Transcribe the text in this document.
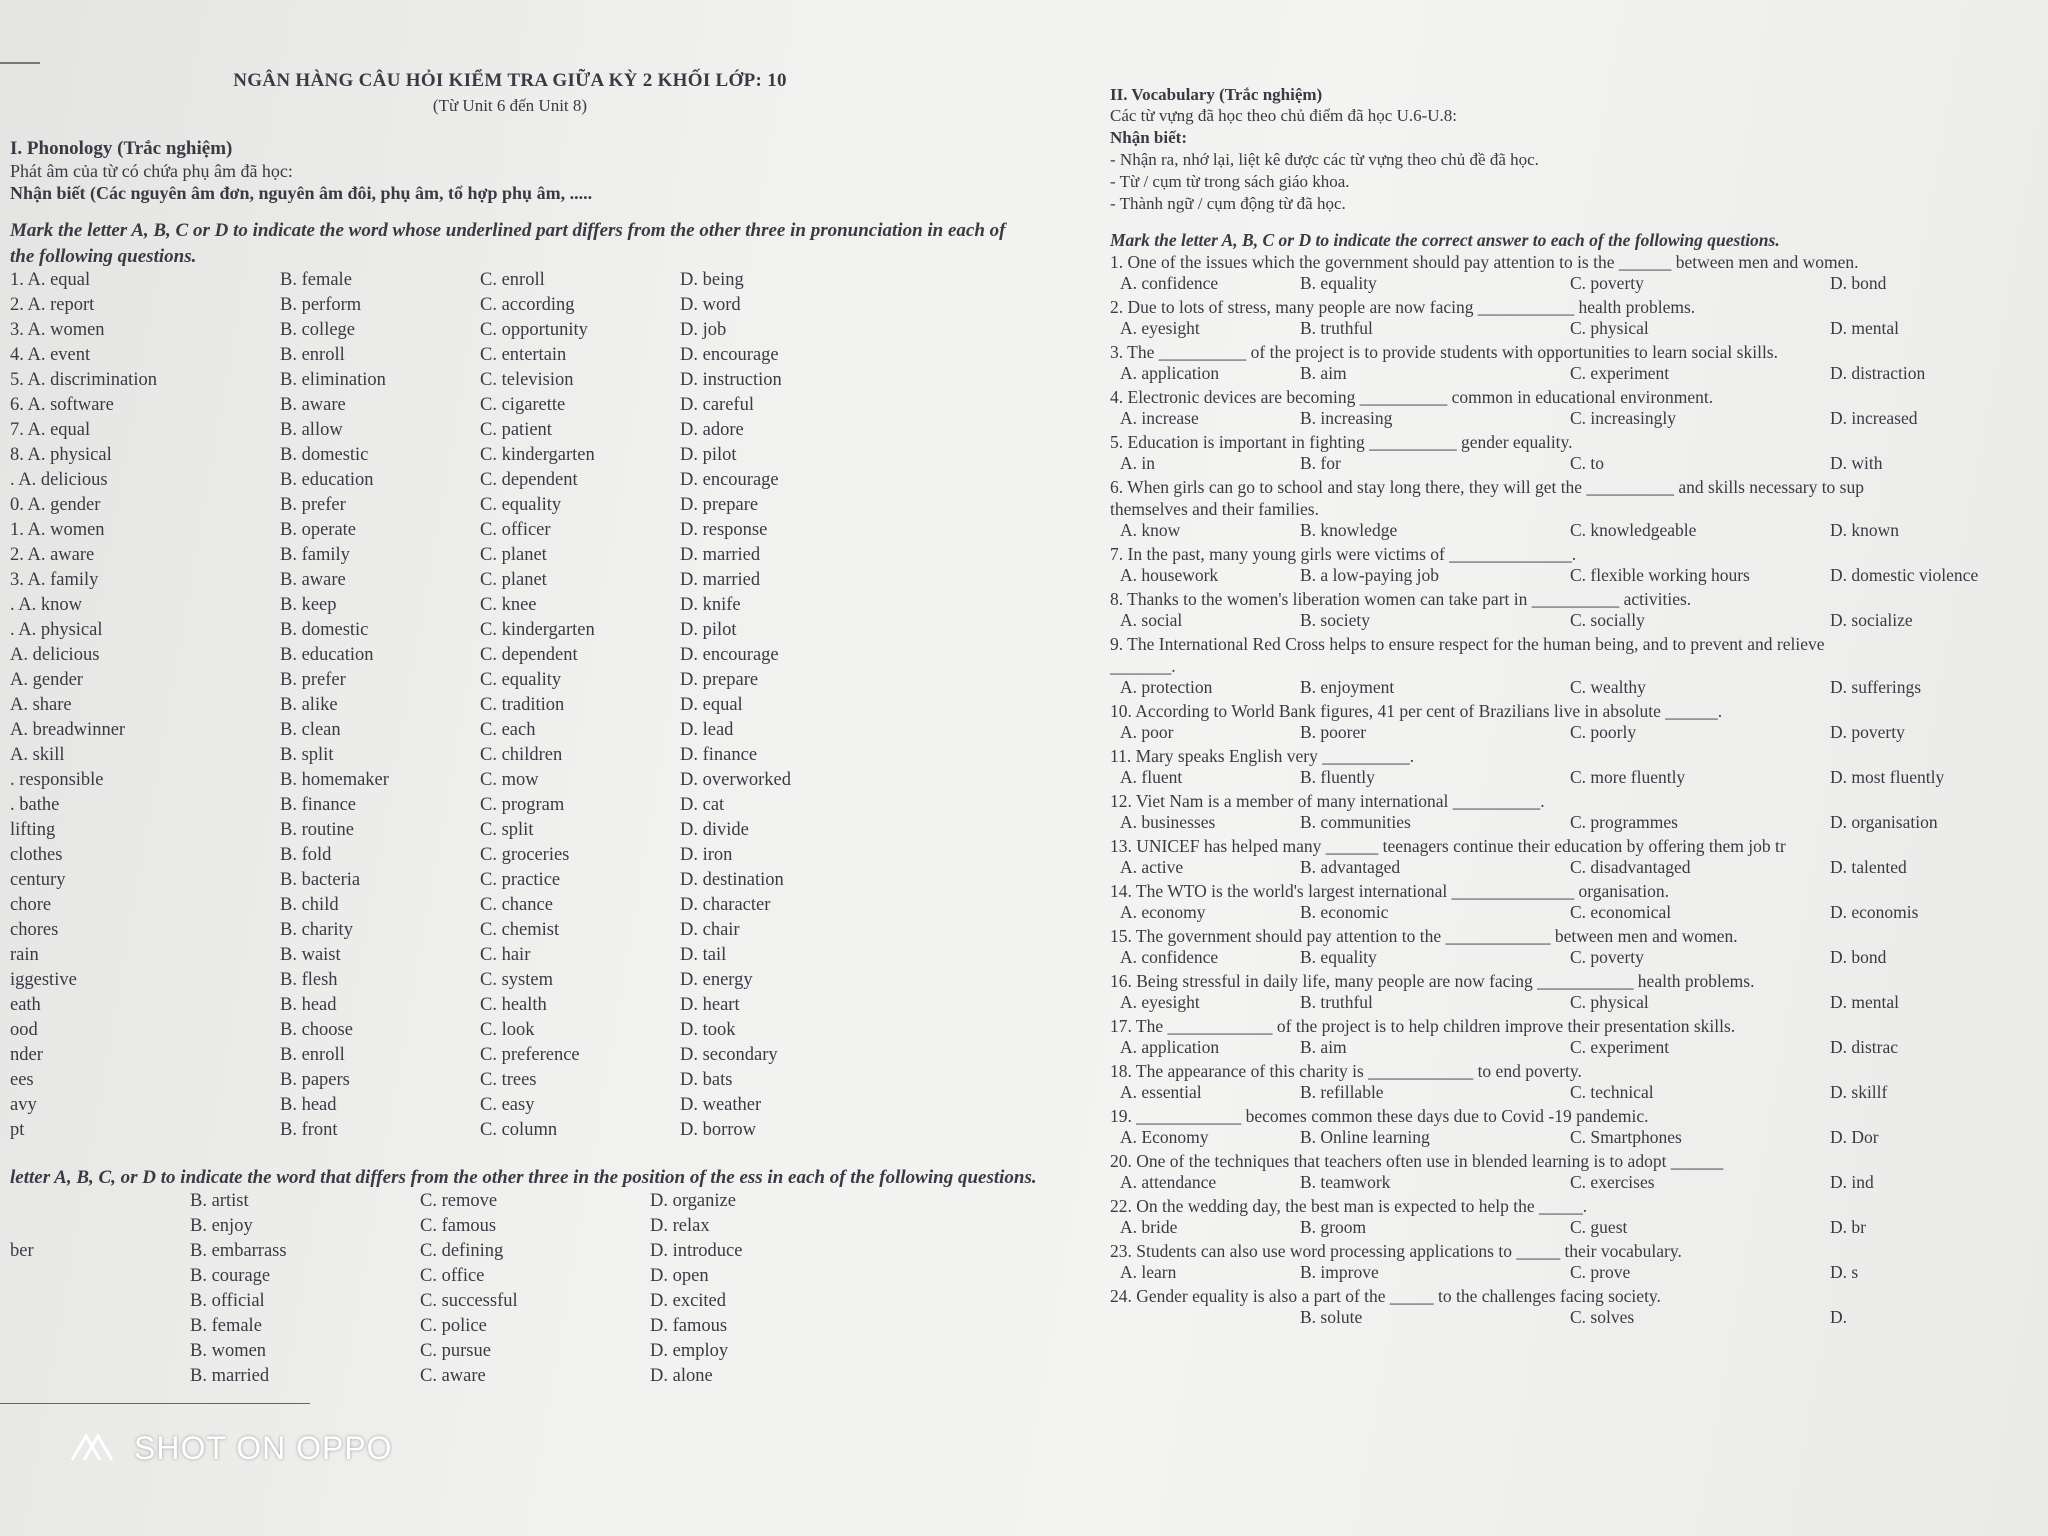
NGÂN HÀNG CÂU HỎI KIỂM TRA GIỮA KỲ 2 KHỐI LỚP: 10
(Từ Unit 6 đến Unit 8)
I. Phonology (Trắc nghiệm)
Phát âm của từ có chứa phụ âm đã học:
Nhận biết (Các nguyên âm đơn, nguyên âm đôi, phụ âm, tổ hợp phụ âm, .....
Mark the letter A, B, C or D to indicate the word whose underlined part differs from the other three in pronunciation in each of the following questions.
1. A. equal	B. female	C. enroll	D. being
2. A. report	B. perform	C. according	D. word
3. A. women	B. college	C. opportunity	D. job
4. A. event	B. enroll	C. entertain	D. encourage
5. A. discrimination	B. elimination	C. television	D. instruction
6. A. software	B. aware	C. cigarette	D. careful
7. A. equal	B. allow	C. patient	D. adore
8. A. physical	B. domestic	C. kindergarten	D. pilot
. A. delicious	B. education	C. dependent	D. encourage
0. A. gender	B. prefer	C. equality	D. prepare
1. A. women	B. operate	C. officer	D. response
2. A. aware	B. family	C. planet	D. married
3. A. family	B. aware	C. planet	D. married
. A. know	B. keep	C. knee	D. knife
. A. physical	B. domestic	C. kindergarten	D. pilot
A. delicious	B. education	C. dependent	D. encourage
A. gender	B. prefer	C. equality	D. prepare
A. share	B. alike	C. tradition	D. equal
A. breadwinner	B. clean	C. each	D. lead
A. skill	B. split	C. children	D. finance
. responsible	B. homemaker	C. mow	D. overworked
. bathe	B. finance	C. program	D. cat
lifting	B. routine	C. split	D. divide
clothes	B. fold	C. groceries	D. iron
century	B. bacteria	C. practice	D. destination
chore	B. child	C. chance	D. character
chores	B. charity	C. chemist	D. chair
rain	B. waist	C. hair	D. tail
iggestive	B. flesh	C. system	D. energy
eath	B. head	C. health	D. heart
ood	B. choose	C. look	D. took
nder	B. enroll	C. preference	D. secondary
ees	B. papers	C. trees	D. bats
avy	B. head	C. easy	D. weather
pt	B. front	C. column	D. borrow
letter A, B, C, or D to indicate the word that differs from the other three in the position of the ess in each of the following questions.
B. artist	C. remove	D. organize
B. enjoy	C. famous	D. relax
ber	B. embarrass	C. defining	D. introduce
B. courage	C. office	D. open
B. official	C. successful	D. excited
B. female	C. police	D. famous
B. women	C. pursue	D. employ
B. married	C. aware	D. alone
II. Vocabulary (Trắc nghiệm)
Các từ vựng đã học theo chủ điểm đã học U.6-U.8:
Nhận biết:
- Nhận ra, nhớ lại, liệt kê được các từ vựng theo chủ đề đã học.
- Từ / cụm từ trong sách giáo khoa.
- Thành ngữ / cụm động từ đã học.
Mark the letter A, B, C or D to indicate the correct answer to each of the following questions.
1. One of the issues which the government should pay attention to is the ______ between men and women.
A. confidence	B. equality	C. poverty	D. bond
2. Due to lots of stress, many people are now facing ___________ health problems.
A. eyesight	B. truthful	C. physical	D. mental
3. The __________ of the project is to provide students with opportunities to learn social skills.
A. application	B. aim	C. experiment	D. distraction
4. Electronic devices are becoming __________ common in educational environment.
A. increase	B. increasing	C. increasingly	D. increased
5. Education is important in fighting __________ gender equality.
A. in	B. for	C. to	D. with
6. When girls can go to school and stay long there, they will get the __________ and skills necessary to sup
themselves and their families.
A. know	B. knowledge	C. knowledgeable	D. known
7. In the past, many young girls were victims of ______________.
A. housework	B. a low-paying job	C. flexible working hours	D. domestic violence
8. Thanks to the women's liberation women can take part in __________ activities.
A. social	B. society	C. socially	D. socialize
9. The International Red Cross helps to ensure respect for the human being, and to prevent and relieve
_______.
A. protection	B. enjoyment	C. wealthy	D. sufferings
10. According to World Bank figures, 41 per cent of Brazilians live in absolute ______.
A. poor	B. poorer	C. poorly	D. poverty
11. Mary speaks English very __________.
A. fluent	B. fluently	C. more fluently	D. most fluently
12. Viet Nam is a member of many international __________.
A. businesses	B. communities	C. programmes	D. organisation
13. UNICEF has helped many ______ teenagers continue their education by offering them job tr
A. active	B. advantaged	C. disadvantaged	D. talented
14. The WTO is the world's largest international ______________ organisation.
A. economy	B. economic	C. economical	D. economis
15. The government should pay attention to the ____________ between men and women.
A. confidence	B. equality	C. poverty	D. bond
16. Being stressful in daily life, many people are now facing ___________ health problems.
A. eyesight	B. truthful	C. physical	D. mental
17. The ____________ of the project is to help children improve their presentation skills.
A. application	B. aim	C. experiment	D. distrac
18. The appearance of this charity is ____________ to end poverty.
A. essential	B. refillable	C. technical	D. skillf
19. ____________ becomes common these days due to Covid -19 pandemic.
A. Economy	B. Online learning	C. Smartphones	D. Dor
20. One of the techniques that teachers often use in blended learning is to adopt ______
A. attendance	B. teamwork	C. exercises	D. ind
22. On the wedding day, the best man is expected to help the _____.
A. bride	B. groom	C. guest	D. br
23. Students can also use word processing applications to _____ their vocabulary.
A. learn	B. improve	C. prove	D. s
24. Gender equality is also a part of the _____ to the challenges facing society.
B. solute	C. solves	D.
SHOT ON OPPO
